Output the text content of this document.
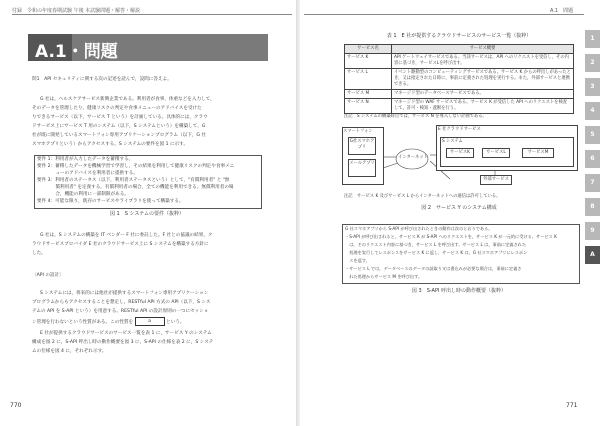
付録　令和の年度春期試験 午後 本試験問題・解答・解説
A.1・問題
問1　API セキュリティに関する次の記述を読んで，設問に答えよ。
G 社は，ヘルスケアサービス新興企業である。利用者が食事，体重などを入力して，
そのデータを管理したり，健康リスクの判定や食事メニューのアドバイスを受けた
りできるサービス（以下，サービス T という）を計画している。具体的には，クラウ
ドサービス上にサービス T 用のシステム（以下，S システムという）を構築して，G
社が既に開発しているスマートフォン専用アプリケーションプログラム（以下，G 社
スマホアプリという）からアクセスする。S システムの要件を図 1 に示す。
要件 1：利用者が入力したデータを蓄積する。
要件 2：蓄積したデータを機械学習で学習し，その結果を利用して健康リスクの判定や食事メニ
　　　　ューのアドバイスを利用者に提供する。
要件 3：利用者のステータス（以下，利用者ステータスという）として，"有償利用者" と "無
　　　　償利用者" を定義する。有償利用者の場合，全ての機能を利用できる。無償利用者の場
　　　　合，機能の利用に一部制限がある。
要件 4：可能な限り，既存のサービスやライブラリを使って構築する。
図 1　S システムの要件（抜粋）
G 社は，S システムの構築を IT ベンダー F 社に委託した。F 社との協議の結果，ク
ラウドサービスプロバイダ E 社のクラウドサービス上に S システムを構築する方針に
した。
〔API の設計〕
S システムには，将来的には他社が提供するスマートフォン専用アプリケーション
プログラムからもアクセスすることを想定し，RESTful API 方式の API（以下，S シス
テムの API を S-API という）を用意する。RESTful API の設計原則の一つにセッショ
ン管理を行わないという性質がある。この性質を	a	という。
E 社が提供するクラウドサービスのサービス一覧を表 1 に，サービス Y のシステム
構成を図 2 に，S-API 呼出し時の動作概要を図 3 に，S-API の仕様を表 2 に，S システ
ムの仕様を図 4 に，それぞれ示す。
770
A.1　問題
771
表 1　E 社が提供するクラウドサービスのサービス一覧（抜粋）
サービス名	サービス概要
サービス K	API ゲートウェイサービスである。当該サービスは，API へのリクエストを受信し，その内容に基づき，サービスLを呼び出す。
サービス L	イベント駆動型のコンピューティングサービスである。サービス K からの呼出しがあったとき，又は指定された日時に，事前に定義された処理を実行する。また，外部サービスと連携できる。
サービス M	マネージド型のデータベースサービスである。
サービス N	マネージド型の WAF サービスである。サービス K が受信した API へのリクエストを検査して，許可・検知・遮断を行う。
注記　S システムの構築時点では，サービス N を導入しない計画である。
スマートフォン
G社スマホアプリ
メールアプリ
インターネット
E 社クラウドサービス
S システム
サービスK	サービスL	サービスM
外部サービス
注記　サービス K 及びサービス L からインターネットへの通信は許可している。
図 2　サービス Y のシステム構成
G 社スマホアプリから S-API が呼び出されたときの動作は次のとおりである。
・S-API が呼び出されると，サービス K が S-API へのリクエストを，サービス K が一元的に受ける。サービス K
　は，そのリクエスト内容に基づき，サービス L を呼び出す。サービス L は，事前に定義された
　処理を実行してレスポンスをサービス K に返し，サービス K は，G 社スマホアプリにレスポン
　スを返す。
・サービス L では，データベースのデータの読取り又は書込みが必要な場合は，事前に定義さ
　れた処理からサービス M を呼び出す。
図 3　S-API 呼出し時の動作概要（抜粋）
1
2
3
4
5
6
7
8
9
A
